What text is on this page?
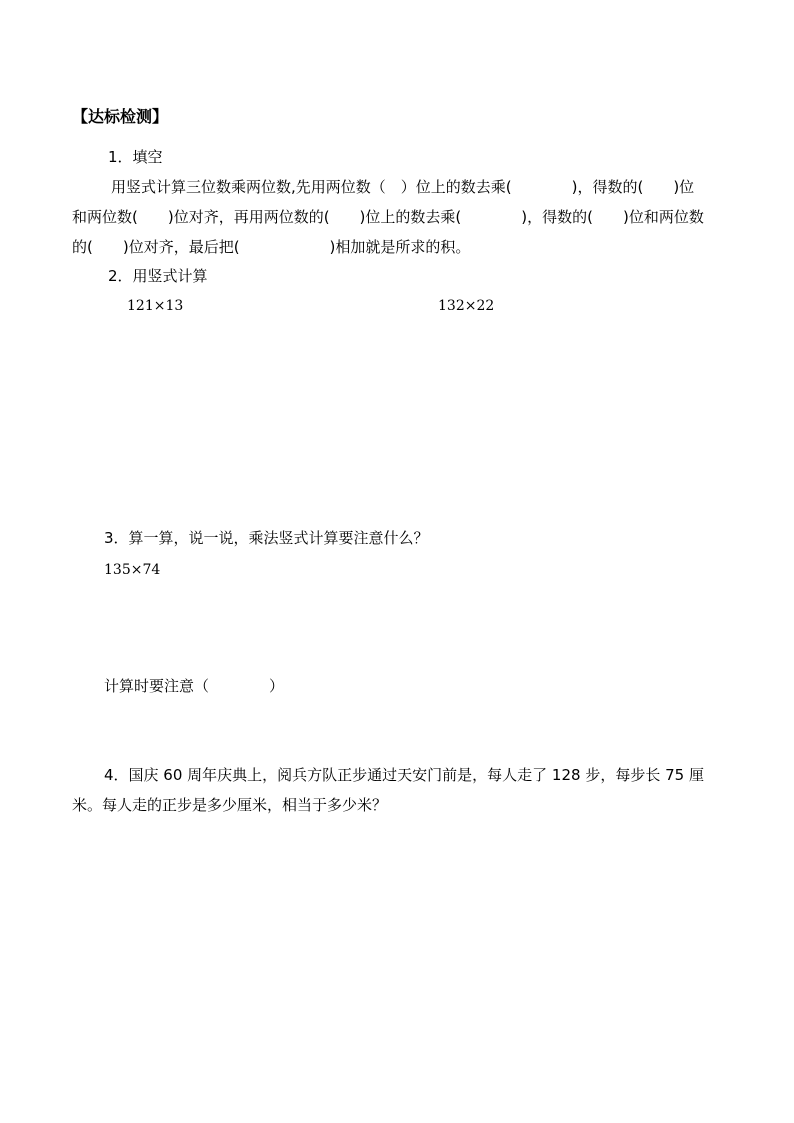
【达标检测】
1．填空
用竖式计算三位数乘两位数,先用两位数（　）位上的数去乘(　　　　)，得数的(　　)位
和两位数(　　)位对齐，再用两位数的(　　)位上的数去乘(　　　　)，得数的(　　)位和两位数
的(　　)位对齐，最后把(　　　　　　)相加就是所求的积。
2．用竖式计算
121×13	132×22
3．算一算，说一说，乘法竖式计算要注意什么？
135×74
计算时要注意（　　　　）
4．国庆 60 周年庆典上，阅兵方队正步通过天安门前是，每人走了 128 步，每步长 75 厘
米。每人走的正步是多少厘米，相当于多少米？
